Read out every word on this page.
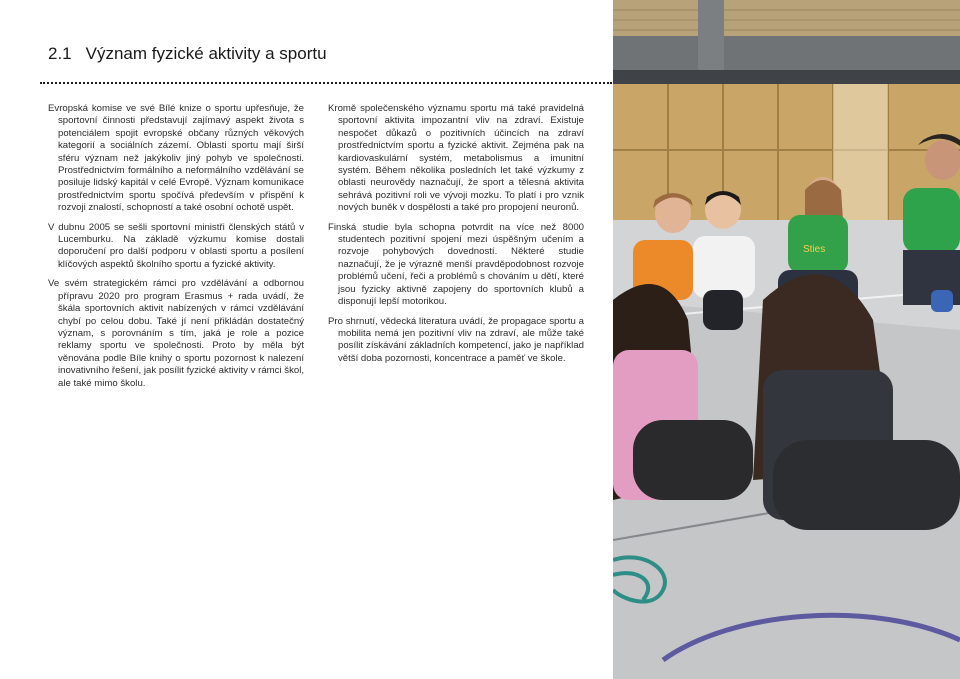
2.1 Význam fyzické aktivity a sportu

Evropská komise ve své Bílé knize o sportu upřesňuje, že sportovní činnosti představují zajímavý aspekt života s potenciálem spojit evropské občany různých věkových kategorií a sociálních zázemí. Oblasti sportu mají širší sféru význam než jakýkoliv jiný pohyb ve společnosti. Prostřednictvím formálního a neformálního vzdělávání se posiluje lidský kapitál v celé Evropě. Význam komunikace prostřednictvím sportu spočívá především v přispění k rozvoji znalostí, schopností a také osobní ochotě uspět.

V dubnu 2005 se sešli sportovní ministři členských států v Lucemburku. Na základě výzkumu komise dostali doporučení pro další podporu v oblasti sportu a posílení klíčových aspektů školního sportu a fyzické aktivity.

Ve svém strategickém rámci pro vzdělávání a odbornou přípravu 2020 pro program Erasmus + rada uvádí, že škála sportovních aktivit nabízených v rámci vzdělávání chybí po celou dobu. Také jí není přikládán dostatečný význam, s porovnáním s tím, jaká je role a pozice reklamy sportu ve společnosti. Proto by měla být věnována podle Bíle knihy o sportu pozornost k nalezení inovativního řešení, jak posílit fyzické aktivity v rámci škol, ale také mimo školu.

Kromě společenského významu sportu má také pravidelná sportovní aktivita impozantní vliv na zdraví. Existuje nespočet důkazů o pozitivních účincích na zdraví prostřednictvím sportu a fyzické aktivit. Zejména pak na kardiovaskulární systém, metabolismus a imunitní systém. Během několika posledních let také výzkumy z oblasti neurovědy naznačují, že sport a tělesná aktivita sehrává pozitivní roli ve vývoji mozku. To platí i pro vznik nových buněk v dospělosti a také pro propojení neuronů.

Finská studie byla schopna potvrdit na více než 8000 studentech pozitivní spojení mezi úspěšným učením a rozvoje pohybových dovedností. Některé studie naznačují, že je výrazně menší pravděpodobnost rozvoje problémů učení, řeči a problémů s chováním u dětí, které jsou fyzicky aktivně zapojeny do sportovních klubů a disponují lepší motorikou.

Pro shrnutí, vědecká literatura uvádí, že propagace sportu a mobilita nemá jen pozitivní vliv na zdraví, ale může také posílit získávání základních kompetencí, jako je například větší doba pozornosti, koncentrace a paměť ve škole.

Sties
